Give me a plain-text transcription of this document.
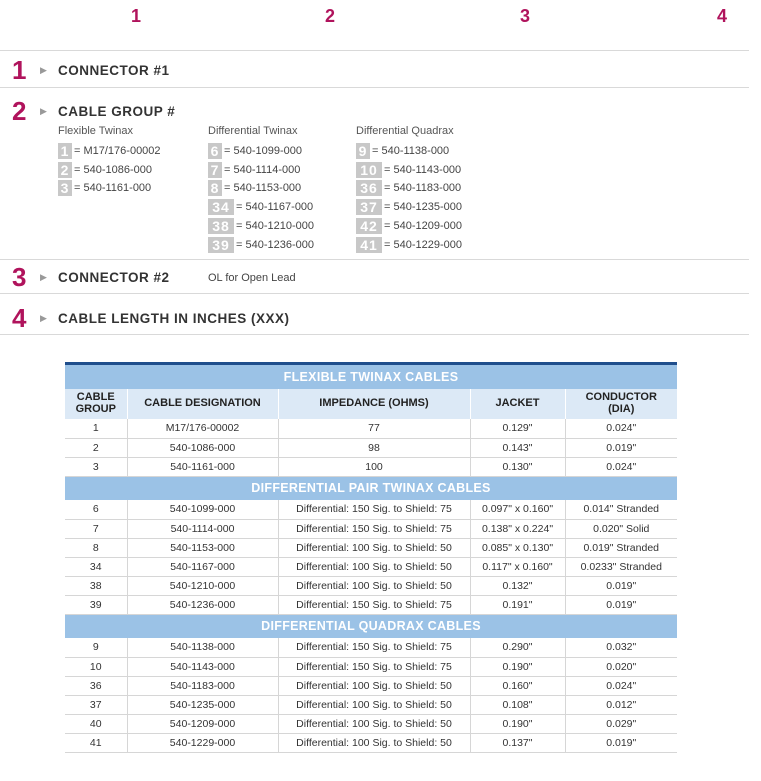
1	2	3	4
1 ▶ CONNECTOR #1
2 ▶ CABLE GROUP #
Flexible Twinax
1 = M17/176-00002
2 = 540-1086-000
3 = 540-1161-000
Differential Twinax
6 = 540-1099-000
7 = 540-1114-000
8 = 540-1153-000
34 = 540-1167-000
38 = 540-1210-000
39 = 540-1236-000
Differential Quadrax
9 = 540-1138-000
10 = 540-1143-000
36 = 540-1183-000
37 = 540-1235-000
42 = 540-1209-000
41 = 540-1229-000
3 ▶ CONNECTOR #2	OL for Open Lead
4 ▶ CABLE LENGTH IN INCHES (XXX)

FLEXIBLE TWINAX CABLES				
CABLE
GROUP	CABLE DESIGNATION	IMPEDANCE (OHMS)	JACKET	CONDUCTOR
(DIA)
1	M17/176-00002	77	0.129"	0.024"
2	540-1086-000	98	0.143"	0.019"
3	540-1161-000	100	0.130"	0.024"
DIFFERENTIAL PAIR TWINAX CABLES				
6	540-1099-000	Differential: 150 Sig. to Shield: 75	0.097" x 0.160"	0.014" Stranded
7	540-1114-000	Differential: 150 Sig. to Shield: 75	0.138" x 0.224"	0.020" Solid
8	540-1153-000	Differential: 100 Sig. to Shield: 50	0.085" x 0.130"	0.019" Stranded
34	540-1167-000	Differential: 100 Sig. to Shield: 50	0.117" x 0.160"	0.0233" Stranded
38	540-1210-000	Differential: 100 Sig. to Shield: 50	0.132"	0.019"
39	540-1236-000	Differential: 150 Sig. to Shield: 75	0.191"	0.019"
DIFFERENTIAL QUADRAX CABLES				
9	540-1138-000	Differential: 150 Sig. to Shield: 75	0.290"	0.032"
10	540-1143-000	Differential: 150 Sig. to Shield: 75	0.190"	0.020"
36	540-1183-000	Differential: 100 Sig. to Shield: 50	0.160"	0.024"
37	540-1235-000	Differential: 100 Sig. to Shield: 50	0.108"	0.012"
40	540-1209-000	Differential: 100 Sig. to Shield: 50	0.190"	0.029"
41	540-1229-000	Differential: 100 Sig. to Shield: 50	0.137"	0.019"
